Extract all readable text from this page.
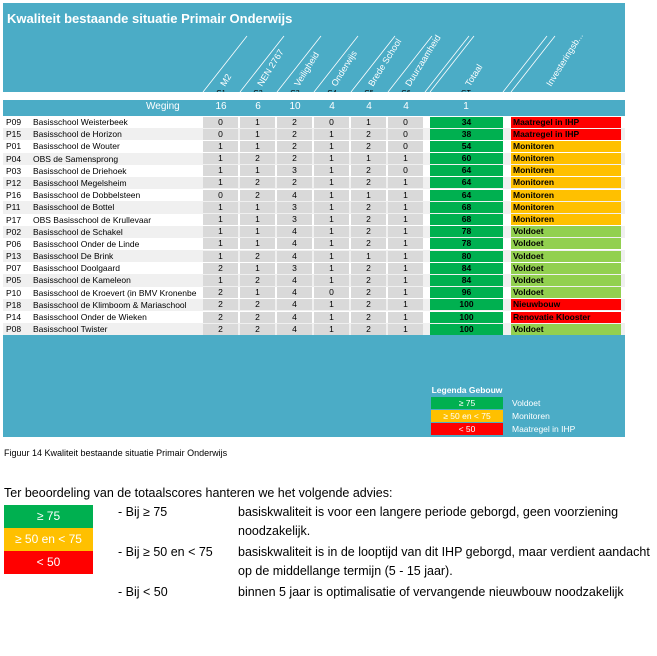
Kwaliteit bestaande situatie Primair Onderwijs
M2 NEN 2767 Veiligheid Onderwijs Brede School Duurzaamheid Totaal	Investeringsb...
Weging	16	6	10	4	4	4	1
P09 Basisschool Weisterbeek	0	1	2	0	1	0	34	Maatregel in IHP
P15 Basisschool de Horizon	0	1	2	1	2	0	38	Maatregel in IHP
P01 Basisschool de Wouter	1	1	2	1	2	0	54	Monitoren
P04 OBS de Samensprong	1	2	2	1	1	1	60	Monitoren
P03 Basisschool de Driehoek	1	1	3	1	2	0	64	Monitoren
P12 Basisschool Megelsheim	1	2	2	1	2	1	64	Monitoren
P16 Basisschool de Dobbelsteen	0	2	4	1	1	1	64	Monitoren
P11 Basisschool de Bottel	1	1	3	1	2	1	68	Monitoren
P17 OBS Basisschool de Krullevaar	1	1	3	1	2	1	68	Monitoren
P02 Basisschool de Schakel	1	1	4	1	2	1	78	Voldoet
P06 Basisschool Onder de Linde	1	1	4	1	2	1	78	Voldoet
P13 Basisschool De Brink	1	2	4	1	1	1	80	Voldoet
P07 Basisschool Doolgaard	2	1	3	1	2	1	84	Voldoet
P05 Basisschool de Kameleon	1	2	4	1	2	1	84	Voldoet
P10 Basisschool de Kroevert (in BMV Kronenbe	2	1	4	0	2	1	96	Voldoet
P18 Basisschool de Klimboom & Mariaschool	2	2	4	1	2	1	100	Nieuwbouw
P14 Basisschool Onder de Wieken	2	2	4	1	2	1	100	Renovatie Klooster
P08 Basisschool Twister	2	2	4	1	2	1	100	Voldoet
Legenda Gebouw
≥ 75	Voldoet
≥ 50 en < 75	Monitoren
< 50	Maatregel in IHP
Figuur 14 Kwaliteit bestaande situatie Primair Onderwijs
Ter beoordeling van de totaalscores hanteren we het volgende advies:
≥ 75
≥ 50 en < 75
< 50
- Bij ≥ 75	basiskwaliteit is voor een langere periode geborgd, geen voorziening noodzakelijk.
- Bij ≥ 50 en < 75 basiskwaliteit is in de looptijd van dit IHP geborgd, maar verdient aandacht op de middellange termijn (5 - 15 jaar).
- Bij < 50	binnen 5 jaar is optimalisatie of vervangende nieuwbouw noodzakelijk
